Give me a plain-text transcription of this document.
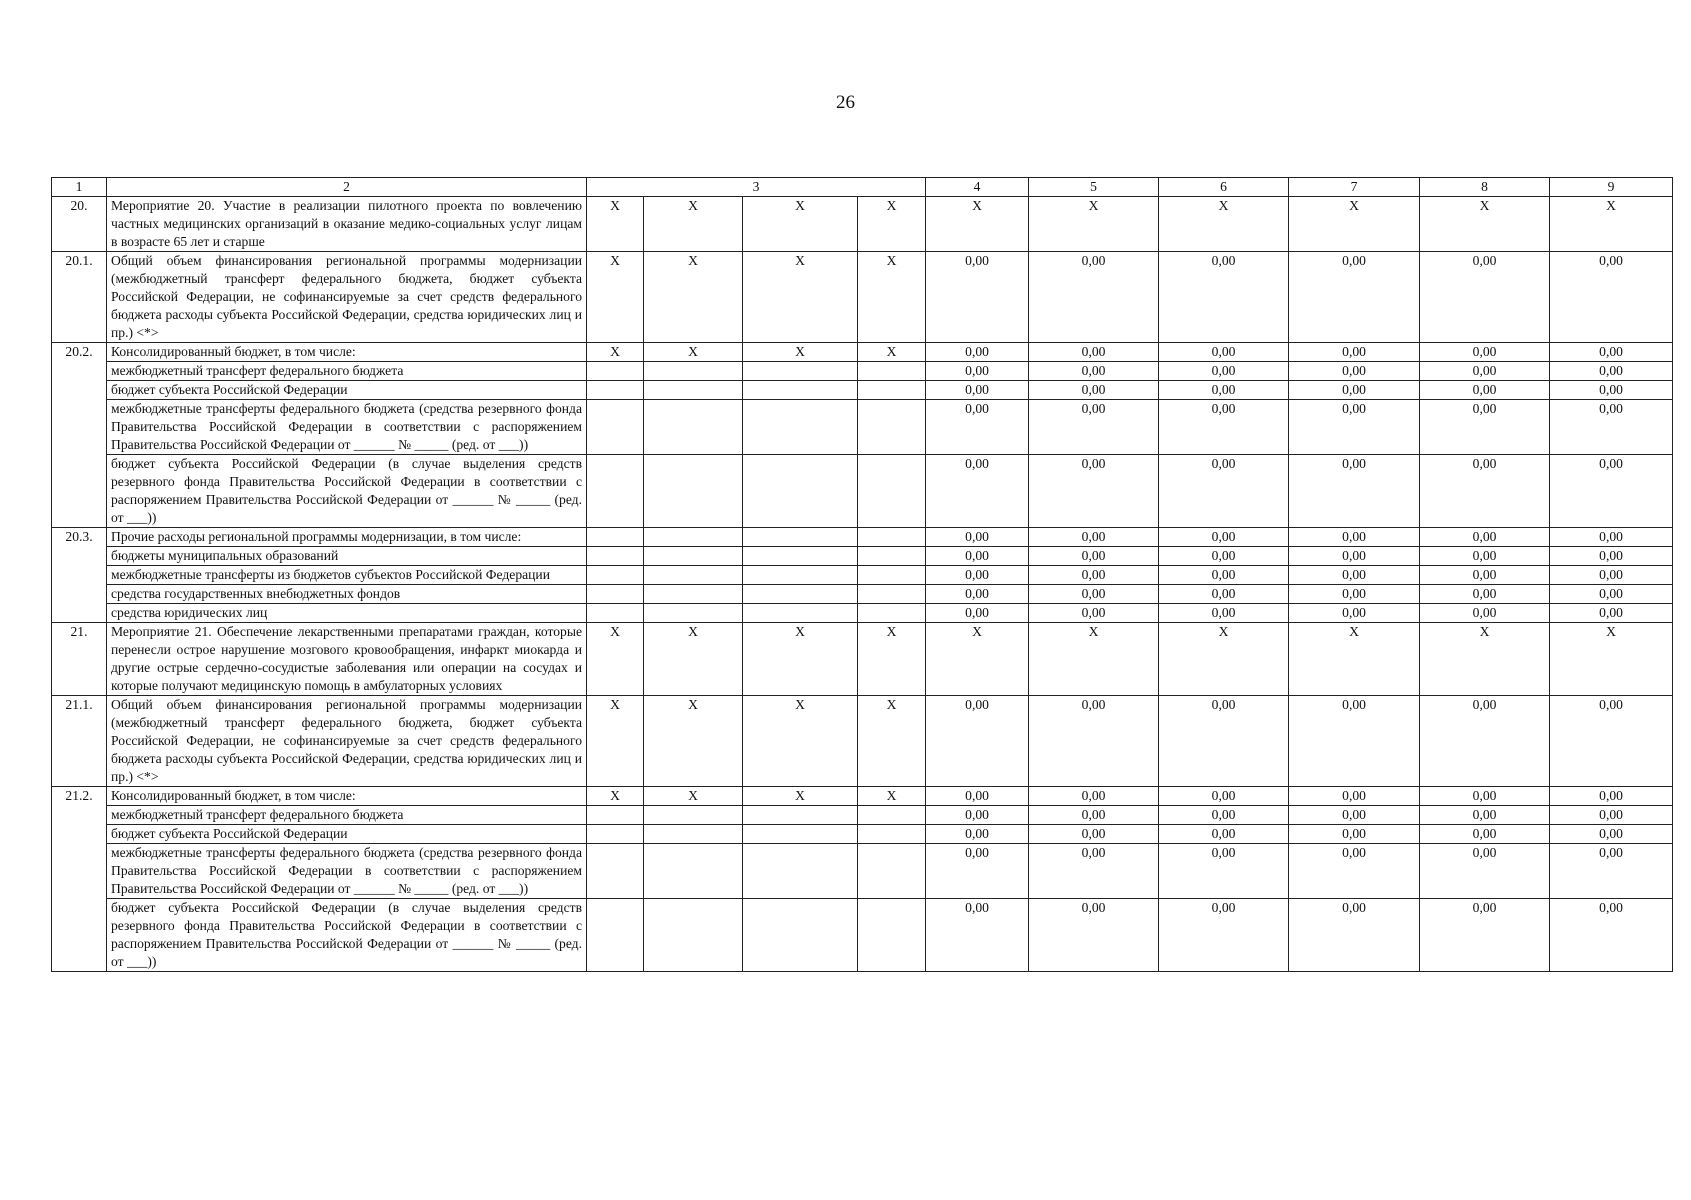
26
1	2	3				4	5	6	7	8	9
20.	Мероприятие 20. Участие в реализации пилотного проекта по вовлечению частных медицинских организаций в оказание медико-социальных услуг лицам в возрасте 65 лет и старше	X	X	X	X	X	X	X	X	X	X
20.1.	Общий объем финансирования региональной программы модернизации (межбюджетный трансферт федерального бюджета, бюджет субъекта Российской Федерации, не софинансируемые за счет средств федерального бюджета расходы субъекта Российской Федерации, средства юридических лиц и пр.) <*>	X	X	X	X	0,00	0,00	0,00	0,00	0,00	0,00
20.2.	Консолидированный бюджет, в том числе:	X	X	X	X	0,00	0,00	0,00	0,00	0,00	0,00
	межбюджетный трансферт федерального бюджета					0,00	0,00	0,00	0,00	0,00	0,00
	бюджет субъекта Российской Федерации					0,00	0,00	0,00	0,00	0,00	0,00
	межбюджетные трансферты федерального бюджета (средства резервного фонда Правительства Российской Федерации в соответствии с распоряжением Правительства Российской Федерации от ______ № _____ (ред. от ___))					0,00	0,00	0,00	0,00	0,00	0,00
	бюджет субъекта Российской Федерации (в случае выделения средств резервного фонда Правительства Российской Федерации в соответствии с распоряжением Правительства Российской Федерации от ______ № _____ (ред. от ___))					0,00	0,00	0,00	0,00	0,00	0,00
20.3.	Прочие расходы региональной программы модернизации, в том числе:					0,00	0,00	0,00	0,00	0,00	0,00
	бюджеты муниципальных образований					0,00	0,00	0,00	0,00	0,00	0,00
	межбюджетные трансферты из бюджетов субъектов Российской Федерации					0,00	0,00	0,00	0,00	0,00	0,00
	средства государственных внебюджетных фондов					0,00	0,00	0,00	0,00	0,00	0,00
	средства юридических лиц					0,00	0,00	0,00	0,00	0,00	0,00
21.	Мероприятие 21. Обеспечение лекарственными препаратами граждан, которые перенесли острое нарушение мозгового кровообращения, инфаркт миокарда и другие острые сердечно-сосудистые заболевания или операции на сосудах и которые получают медицинскую помощь в амбулаторных условиях	X	X	X	X	X	X	X	X	X	X
21.1.	Общий объем финансирования региональной программы модернизации (межбюджетный трансферт федерального бюджета, бюджет субъекта Российской Федерации, не софинансируемые за счет средств федерального бюджета расходы субъекта Российской Федерации, средства юридических лиц и пр.) <*>	X	X	X	X	0,00	0,00	0,00	0,00	0,00	0,00
21.2.	Консолидированный бюджет, в том числе:	X	X	X	X	0,00	0,00	0,00	0,00	0,00	0,00
	межбюджетный трансферт федерального бюджета					0,00	0,00	0,00	0,00	0,00	0,00
	бюджет субъекта Российской Федерации					0,00	0,00	0,00	0,00	0,00	0,00
	межбюджетные трансферты федерального бюджета (средства резервного фонда Правительства Российской Федерации в соответствии с распоряжением Правительства Российской Федерации от ______ № _____ (ред. от ___))					0,00	0,00	0,00	0,00	0,00	0,00
	бюджет субъекта Российской Федерации (в случае выделения средств резервного фонда Правительства Российской Федерации в соответствии с распоряжением Правительства Российской Федерации от ______ № _____ (ред. от ___))					0,00	0,00	0,00	0,00	0,00	0,00
